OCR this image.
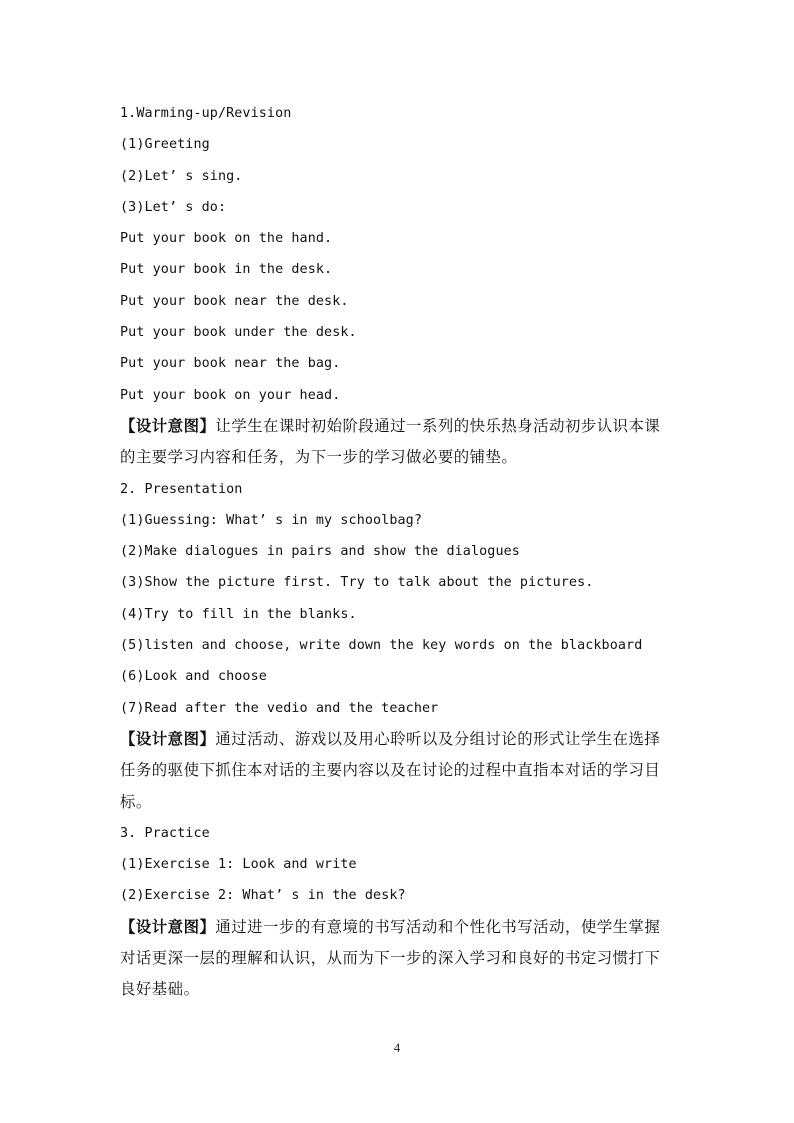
1.Warming-up/Revision
(1)Greeting
(2)Let’ s sing.
(3)Let’ s do:
Put your book on the hand.
Put your book in the desk.
Put your book near the desk.
Put your book under the desk.
Put your book near the bag.
Put your book on your head.
【设计意图】让学生在课时初始阶段通过一系列的快乐热身活动初步认识本课的主要学习内容和任务，为下一步的学习做必要的铺垫。
2. Presentation
(1)Guessing: What’ s in my schoolbag?
(2)Make dialogues in pairs and show the dialogues
(3)Show the picture first. Try to talk about the pictures.
(4)Try to fill in the blanks.
(5)listen and choose, write down the key words on the blackboard
(6)Look and choose
(7)Read after the vedio and the teacher
【设计意图】通过活动、游戏以及用心聆听以及分组讨论的形式让学生在选择任务的驱使下抓住本对话的主要内容以及在讨论的过程中直指本对话的学习目标。
3. Practice
(1)Exercise 1: Look and write
(2)Exercise 2: What’ s in the desk?
【设计意图】通过进一步的有意境的书写活动和个性化书写活动，使学生掌握对话更深一层的理解和认识，从而为下一步的深入学习和良好的书定习惯打下良好基础。
4
